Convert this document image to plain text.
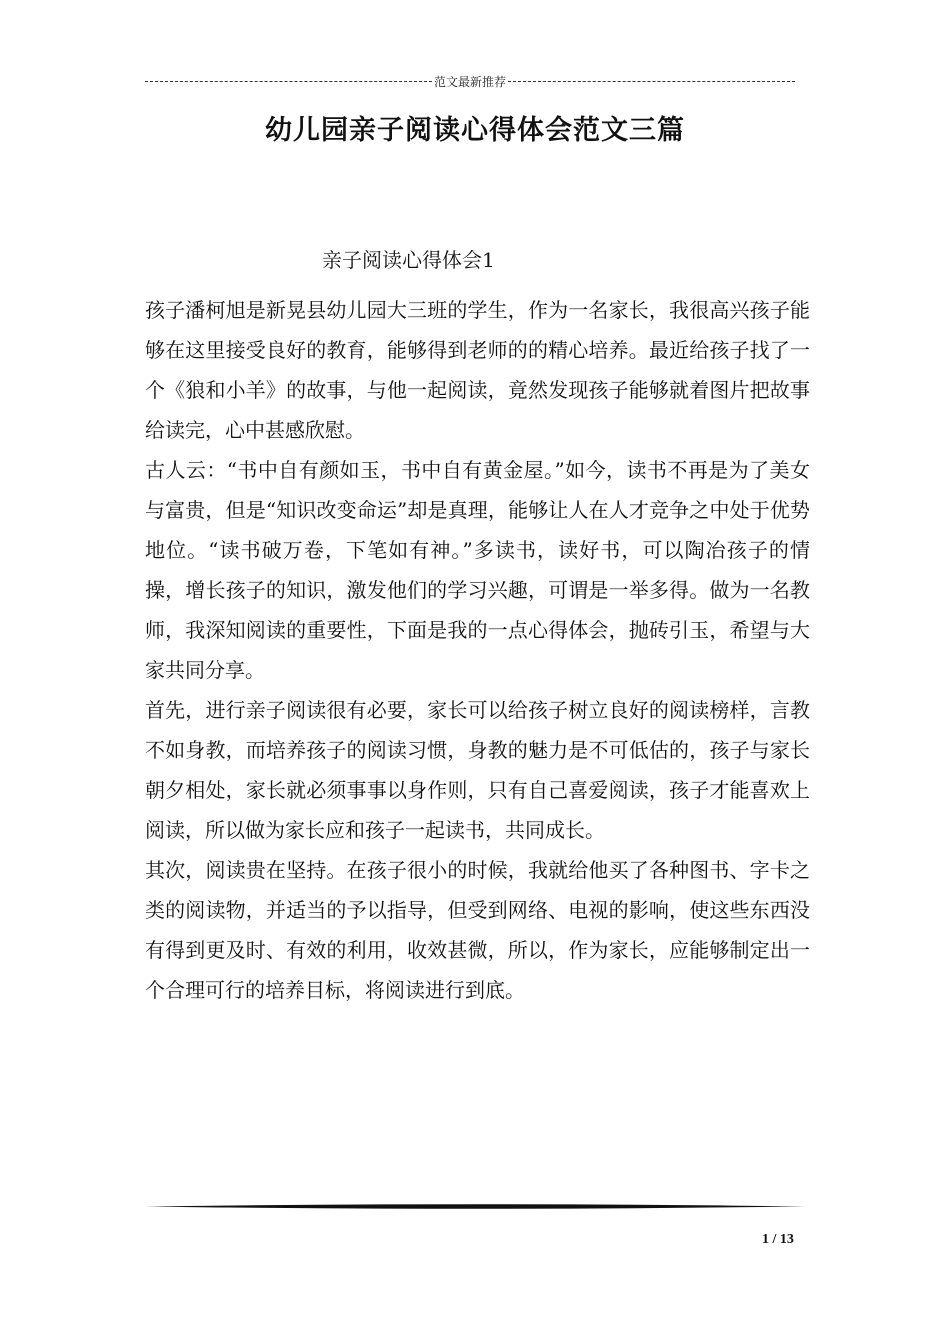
范文最新推荐
幼儿园亲子阅读心得体会范文三篇
亲子阅读心得体会1

孩子潘柯旭是新晃县幼儿园大三班的学生，作为一名家长，我很高兴孩子能够在这里接受良好的教育，能够得到老师的的精心培养。最近给孩子找了一个《狼和小羊》的故事，与他一起阅读，竟然发现孩子能够就着图片把故事给读完，心中甚感欣慰。

古人云：“书中自有颜如玉，书中自有黄金屋。”如今，读书不再是为了美女与富贵，但是“知识改变命运”却是真理，能够让人在人才竞争之中处于优势地位。“读书破万卷，下笔如有神。”多读书，读好书，可以陶冶孩子的情操，增长孩子的知识，激发他们的学习兴趣，可谓是一举多得。做为一名教师，我深知阅读的重要性，下面是我的一点心得体会，抛砖引玉，希望与大家共同分享。

首先，进行亲子阅读很有必要，家长可以给孩子树立良好的阅读榜样，言教不如身教，而培养孩子的阅读习惯，身教的魅力是不可低估的，孩子与家长朝夕相处，家长就必须事事以身作则，只有自己喜爱阅读，孩子才能喜欢上阅读，所以做为家长应和孩子一起读书，共同成长。

其次，阅读贵在坚持。在孩子很小的时候，我就给他买了各种图书、字卡之类的阅读物，并适当的予以指导，但受到网络、电视的影响，使这些东西没有得到更及时、有效的利用，收效甚微，所以，作为家长，应能够制定出一个合理可行的培养目标，将阅读进行到底。

1 / 13
